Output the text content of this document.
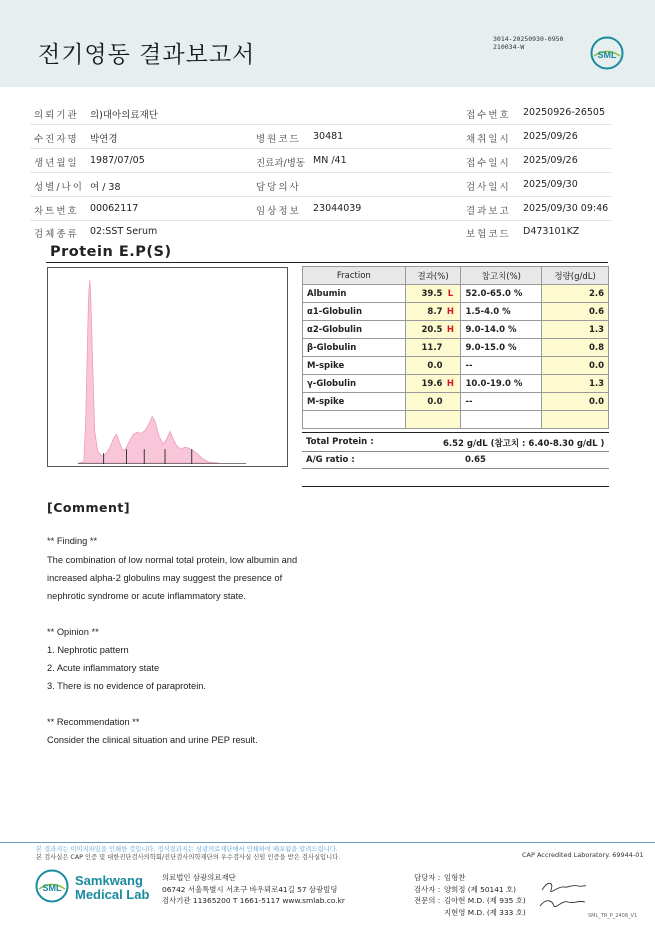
전기영동 결과보고서
3014-20250930-0950
210034-W
SML
의뢰기관 의)대아의료재단	접수번호 20250926-26505
수진자명 박연경	병원코드 30481	채취일시 2025/09/26
생년월일 1987/07/05	진료과/병동 MN /41	접수일시 2025/09/26
성별/나이 여 / 38	담당의사	검사일시 2025/09/30
차트번호 00062117	임상정보 23044039	결과보고 2025/09/30 09:46
검체종류 02:SST Serum	보험코드 D473101KZ
Protein E.P(S)
Fraction	결과(%)	참고치(%)	정량(g/dL)
Albumin	39.5 L	52.0-65.0 %	2.6
α1-Globulin	8.7 H	1.5-4.0 %	0.6
α2-Globulin	20.5 H	9.0-14.0 %	1.3
β-Globulin	11.7	9.0-15.0 %	0.8
M-spike	0.0	--	0.0
γ-Globulin	19.6 H	10.0-19.0 %	1.3
M-spike	0.0	--	0.0

Total Protein :	6.52 g/dL (참고치 : 6.40-8.30 g/dL )
A/G ratio :	0.65
[Comment]
** Finding **
The combination of low normal total protein, low albumin and
increased alpha-2 globulins may suggest the presence of
nephrotic syndrome or acute inflammatory state.
** Opinion **
1. Nephrotic pattern
2. Acute inflammatory state
3. There is no evidence of paraprotein.
** Recommendation **
Consider the clinical situation and urine PEP result.
본 결과지는 이미지파일을 인쇄한 것입니다. 정식결과지는 삼광의료재단에서 인쇄하여 배포됨을 알려드립니다.
본 검사실은 CAP 인증 및 대한진단검사의학회/진단검사의학재단의 우수검사실 신임 인증을 받은 검사실입니다.	CAP Accredited Laboratory. 69944-01
SML Samkwang
Medical Lab
의료법인 삼광의료재단
06742 서울특별시 서초구 바우뫼로41길 57 삼광빌딩
검사기관 11365200 T 1661-5117 www.smlab.co.kr
담당자 : 임형찬
검사자 : 양희정 (제 50141 호)
전문의 : 김아현 M.D. (제 935 호)
지현영 M.D. (제 333 호)	SML_TR_P_2408_V1
